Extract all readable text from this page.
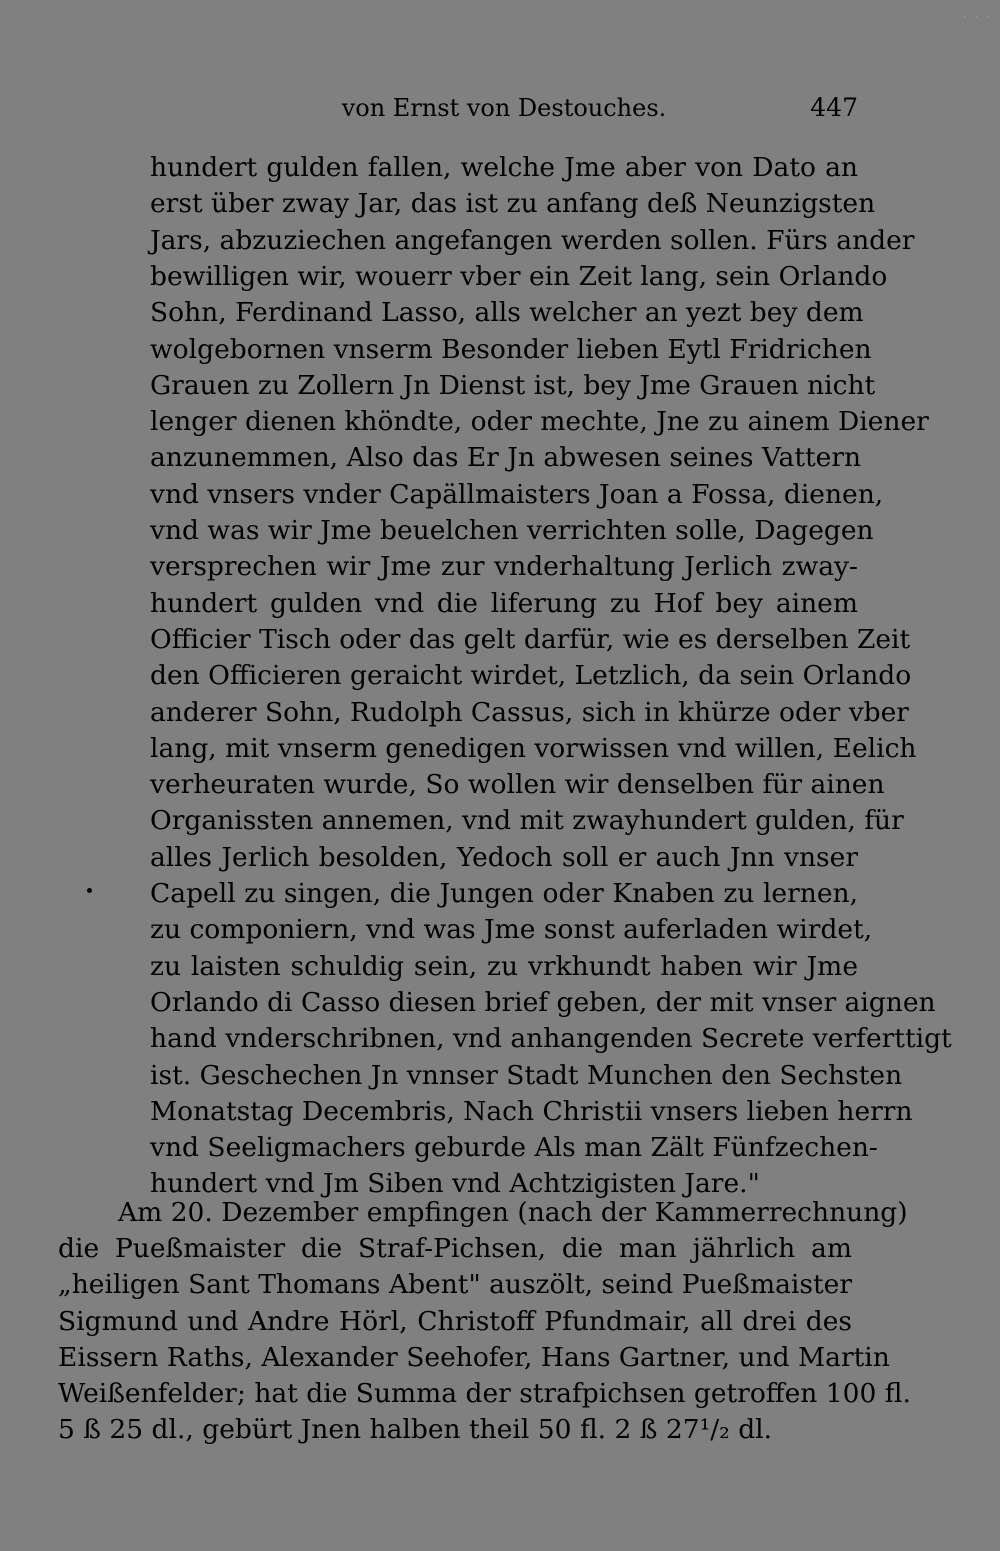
· · ·
von Ernst von Destouches.	447
hundert gulden fallen, welche Jme aber von Dato an
erst über zway Jar, das ist zu anfang deß Neunzigsten
Jars, abzuziechen angefangen werden sollen. Fürs ander
bewilligen wir, wouerr vber ein Zeit lang, sein Orlando
Sohn, Ferdinand Lasso, alls welcher an yezt bey dem
wolgebornen vnserm Besonder lieben Eytl Fridrichen
Grauen zu Zollern Jn Dienst ist, bey Jme Grauen nicht
lenger dienen khöndte, oder mechte, Jne zu ainem Diener
anzunemmen, Also das Er Jn abwesen seines Vattern
vnd vnsers vnder Capällmaisters Joan a Fossa, dienen,
vnd was wir Jme beuelchen verrichten solle, Dagegen
versprechen wir Jme zur vnderhaltung Jerlich zway-
hundert gulden vnd die liferung zu Hof bey ainem
Officier Tisch oder das gelt darfür, wie es derselben Zeit
den Officieren geraicht wirdet, Letzlich, da sein Orlando
anderer Sohn, Rudolph Cassus, sich in khürze oder vber
lang, mit vnserm genedigen vorwissen vnd willen, Eelich
verheuraten wurde, So wollen wir denselben für ainen
Organissten annemen, vnd mit zwayhundert gulden, für
alles Jerlich besolden, Yedoch soll er auch Jnn vnser
Capell zu singen, die Jungen oder Knaben zu lernen,
zu componiern, vnd was Jme sonst auferladen wirdet,
zu laisten schuldig sein, zu vrkhundt haben wir Jme
Orlando di Casso diesen brief geben, der mit vnser aignen
hand vnderschribnen, vnd anhangenden Secrete verferttigt
ist. Geschechen Jn vnnser Stadt Munchen den Sechsten
Monatstag Decembris, Nach Christii vnsers lieben herrn
vnd Seeligmachers geburde Als man Zält Fünfzechen-
hundert vnd Jm Siben vnd Achtzigisten Jare."
Am 20. Dezember empfingen (nach der Kammerrechnung)
die Pueßmaister die Straf-Pichsen, die man jährlich am
„heiligen Sant Thomans Abent" auszölt, seind Pueßmaister
Sigmund und Andre Hörl, Christoff Pfundmair, all drei des
Eissern Raths, Alexander Seehofer, Hans Gartner, und Martin
Weißenfelder; hat die Summa der strafpichsen getroffen 100 fl.
5 ß 25 dl., gebürt Jnen halben theil 50 fl. 2 ß 27¹/₂ dl.
